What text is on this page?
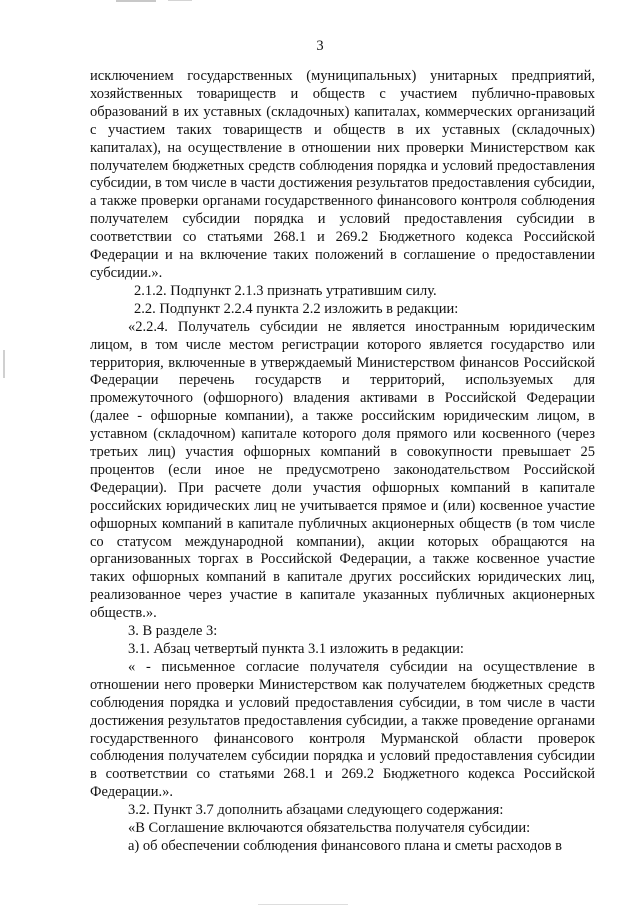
3

исключением государственных (муниципальных) унитарных предприятий, хозяйственных товариществ и обществ с участием публично-правовых образований в их уставных (складочных) капиталах, коммерческих организаций с участием таких товариществ и обществ в их уставных (складочных) капиталах), на осуществление в отношении них проверки Министерством как получателем бюджетных средств соблюдения порядка и условий предоставления субсидии, в том числе в части достижения результатов предоставления субсидии, а также проверки органами государственного финансового контроля соблюдения получателем субсидии порядка и условий предоставления субсидии в соответствии со статьями 268.1 и 269.2 Бюджетного кодекса Российской Федерации и на включение таких положений в соглашение о предоставлении субсидии.».

2.1.2. Подпункт 2.1.3 признать утратившим силу.

2.2. Подпункт 2.2.4 пункта 2.2 изложить в редакции:

«2.2.4. Получатель субсидии не является иностранным юридическим лицом, в том числе местом регистрации которого является государство или территория, включенные в утверждаемый Министерством финансов Российской Федерации перечень государств и территорий, используемых для промежуточного (офшорного) владения активами в Российской Федерации (далее - офшорные компании), а также российским юридическим лицом, в уставном (складочном) капитале которого доля прямого или косвенного (через третьих лиц) участия офшорных компаний в совокупности превышает 25 процентов (если иное не предусмотрено законодательством Российской Федерации). При расчете доли участия офшорных компаний в капитале российских юридических лиц не учитывается прямое и (или) косвенное участие офшорных компаний в капитале публичных акционерных обществ (в том числе со статусом международной компании), акции которых обращаются на организованных торгах в Российской Федерации, а также косвенное участие таких офшорных компаний в капитале других российских юридических лиц, реализованное через участие в капитале указанных публичных акционерных обществ.».

3. В разделе 3:

3.1. Абзац четвертый пункта 3.1 изложить в редакции:

« - письменное согласие получателя субсидии на осуществление в отношении него проверки Министерством как получателем бюджетных средств соблюдения порядка и условий предоставления субсидии, в том числе в части достижения результатов предоставления субсидии, а также проведение органами государственного финансового контроля Мурманской области проверок соблюдения получателем субсидии порядка и условий предоставления субсидии в соответствии со статьями 268.1 и 269.2 Бюджетного кодекса Российской Федерации.».

3.2. Пункт 3.7 дополнить абзацами следующего содержания:

«В Соглашение включаются обязательства получателя субсидии:

а) об обеспечении соблюдения финансового плана и сметы расходов в
